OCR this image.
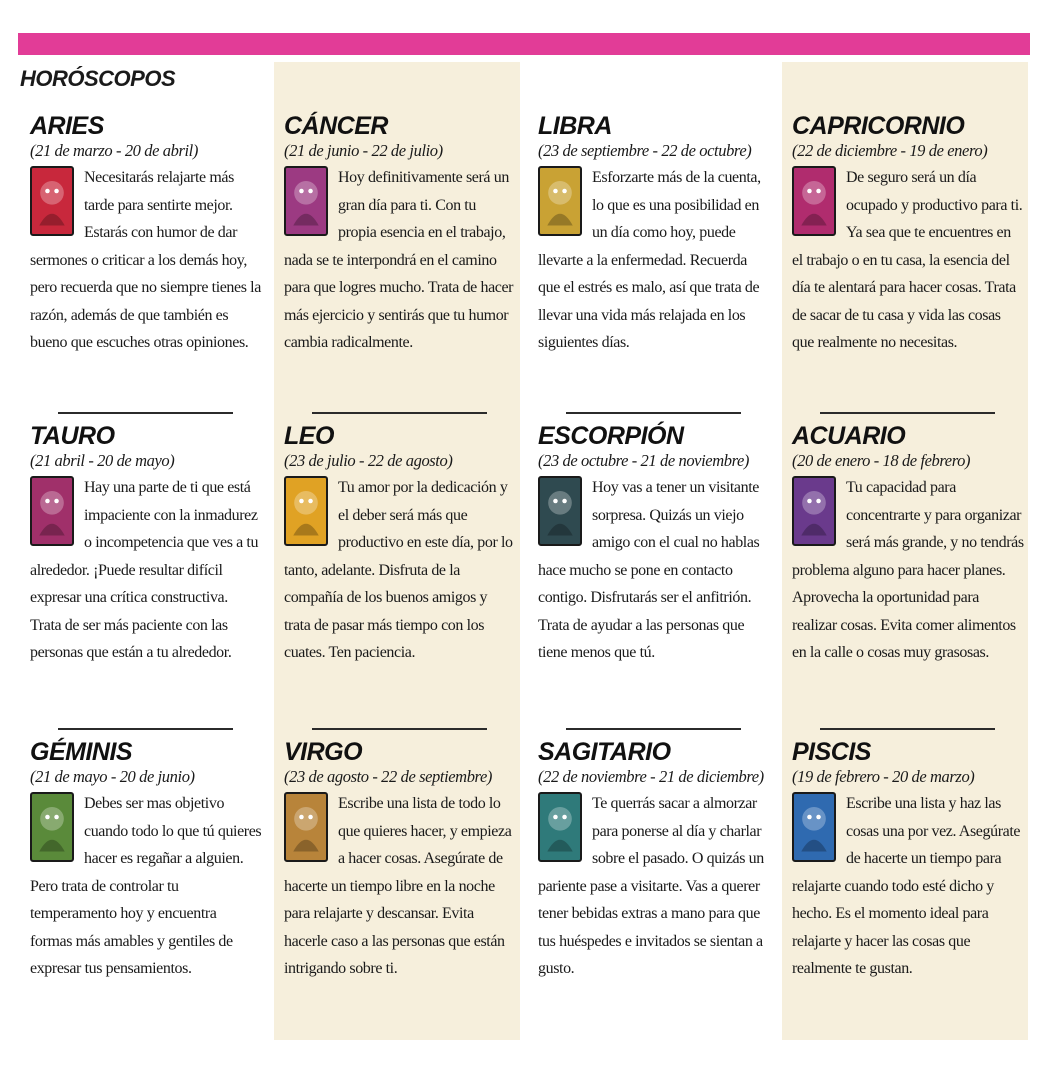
HORÓSCOPOS
ARIES
(21 de marzo - 20 de abril)
Necesitarás relajarte más tarde para sentirte mejor. Estarás con humor de dar sermones o criticar a los demás hoy, pero recuerda que no siempre tienes la razón, además de que también es bueno que escuches otras opiniones.
CÁNCER
(21 de junio - 22 de julio)
Hoy definitivamente será un gran día para ti. Con tu propia esencia en el trabajo, nada se te interpondrá en el camino para que logres mucho. Trata de hacer más ejercicio y sentirás que tu humor cambia radicalmente.
LIBRA
(23 de septiembre - 22 de octubre)
Esforzarte más de la cuenta, lo que es una posibilidad en un día como hoy, puede llevarte a la enfermedad. Recuerda que el estrés es malo, así que trata de llevar una vida más relajada en los siguientes días.
CAPRICORNIO
(22 de diciembre - 19 de enero)
De seguro será un día ocupado y productivo para ti. Ya sea que te encuentres en el trabajo o en tu casa, la esencia del día te alentará para hacer cosas. Trata de sacar de tu casa y vida las cosas que realmente no necesitas.
TAURO
(21 abril - 20 de mayo)
Hay una parte de ti que está impaciente con la inmadurez o incompetencia que ves a tu alrededor. ¡Puede resultar difícil expresar una crítica constructiva. Trata de ser más paciente con las personas que están a tu alrededor.
LEO
(23 de julio - 22 de agosto)
Tu amor por la dedicación y el deber será más que productivo en este día, por lo tanto, adelante. Disfruta de la compañía de los buenos amigos y trata de pasar más tiempo con los cuates. Ten paciencia.
ESCORPIÓN
(23 de octubre - 21 de noviembre)
Hoy vas a tener un visitante sorpresa. Quizás un viejo amigo con el cual no hablas hace mucho se pone en contacto contigo. Disfrutarás ser el anfitrión. Trata de ayudar a las personas que tiene menos que tú.
ACUARIO
(20 de enero - 18 de febrero)
Tu capacidad para concentrarte y para organizar será más grande, y no tendrás problema alguno para hacer planes. Aprovecha la oportunidad para realizar cosas. Evita comer alimentos en la calle o cosas muy grasosas.
GÉMINIS
(21 de mayo - 20 de junio)
Debes ser mas objetivo cuando todo lo que tú quieres hacer es regañar a alguien. Pero trata de controlar tu temperamento hoy y encuentra formas más amables y gentiles de expresar tus pensamientos.
VIRGO
(23 de agosto - 22 de septiembre)
Escribe una lista de todo lo que quieres hacer, y empieza a hacer cosas. Asegúrate de hacerte un tiempo libre en la noche para relajarte y descansar. Evita hacerle caso a las personas que están intrigando sobre ti.
SAGITARIO
(22 de noviembre - 21 de diciembre)
Te querrás sacar a almorzar para ponerse al día y charlar sobre el pasado. O quizás un pariente pase a visitarte. Vas a querer tener bebidas extras a mano para que tus huéspedes e invitados se sientan a gusto.
PISCIS
(19 de febrero - 20 de marzo)
Escribe una lista y haz las cosas una por vez. Asegúrate de hacerte un tiempo para relajarte cuando todo esté dicho y hecho. Es el momento ideal para relajarte y hacer las cosas que realmente te gustan.
